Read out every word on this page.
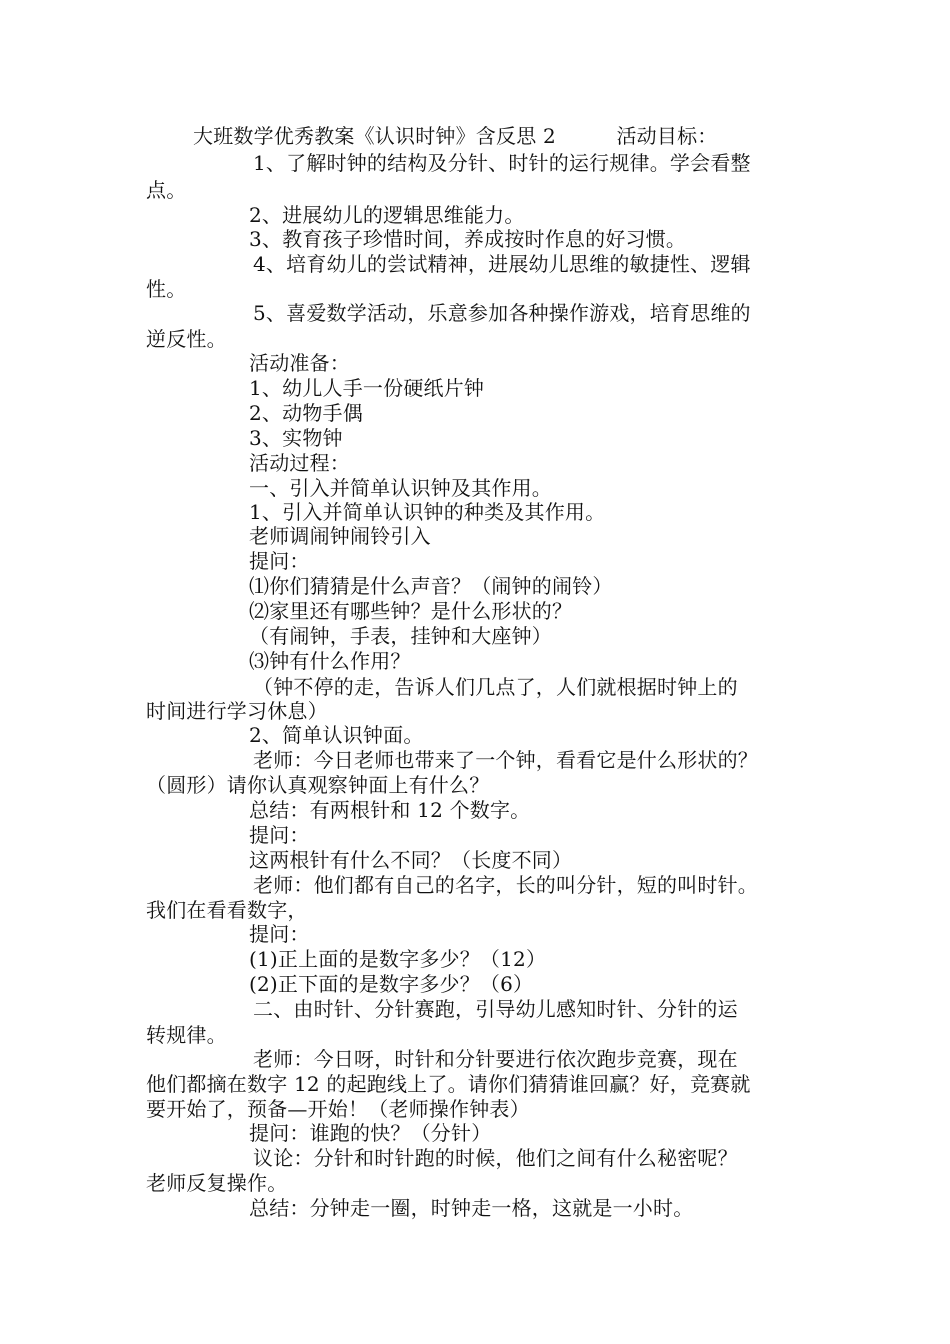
大班数学优秀教案《认识时钟》含反思 2　　　活动目标：
1、了解时钟的结构及分针、时针的运行规律。学会看整
点。
2、进展幼儿的逻辑思维能力。
3、教育孩子珍惜时间，养成按时作息的好习惯。
4、培育幼儿的尝试精神，进展幼儿思维的敏捷性、逻辑
性。
5、喜爱数学活动，乐意参加各种操作游戏，培育思维的
逆反性。
活动准备：
1、幼儿人手一份硬纸片钟
2、动物手偶
3、实物钟
活动过程：
一、引入并简单认识钟及其作用。
1、引入并简单认识钟的种类及其作用。
老师调闹钟闹铃引入
提问：
⑴你们猜猜是什么声音？（闹钟的闹铃）
⑵家里还有哪些钟？是什么形状的？
（有闹钟，手表，挂钟和大座钟）
⑶钟有什么作用？
（钟不停的走，告诉人们几点了，人们就根据时钟上的
时间进行学习休息）
2、简单认识钟面。
老师：今日老师也带来了一个钟，看看它是什么形状的？
（圆形）请你认真观察钟面上有什么？
总结：有两根针和 12 个数字。
提问：
这两根针有什么不同？（长度不同）
老师：他们都有自己的名字，长的叫分针，短的叫时针。
我们在看看数字，
提问：
(1)正上面的是数字多少？（12）
(2)正下面的是数字多少？（6）
二、由时针、分针赛跑，引导幼儿感知时针、分针的运
转规律。
老师：今日呀，时针和分针要进行依次跑步竞赛，现在
他们都摘在数字 12 的起跑线上了。请你们猜猜谁回赢？好，竞赛就
要开始了，预备—开始！（老师操作钟表）
提问：谁跑的快？（分针）
议论：分针和时针跑的时候，他们之间有什么秘密呢？
老师反复操作。
总结：分钟走一圈，时钟走一格，这就是一小时。
